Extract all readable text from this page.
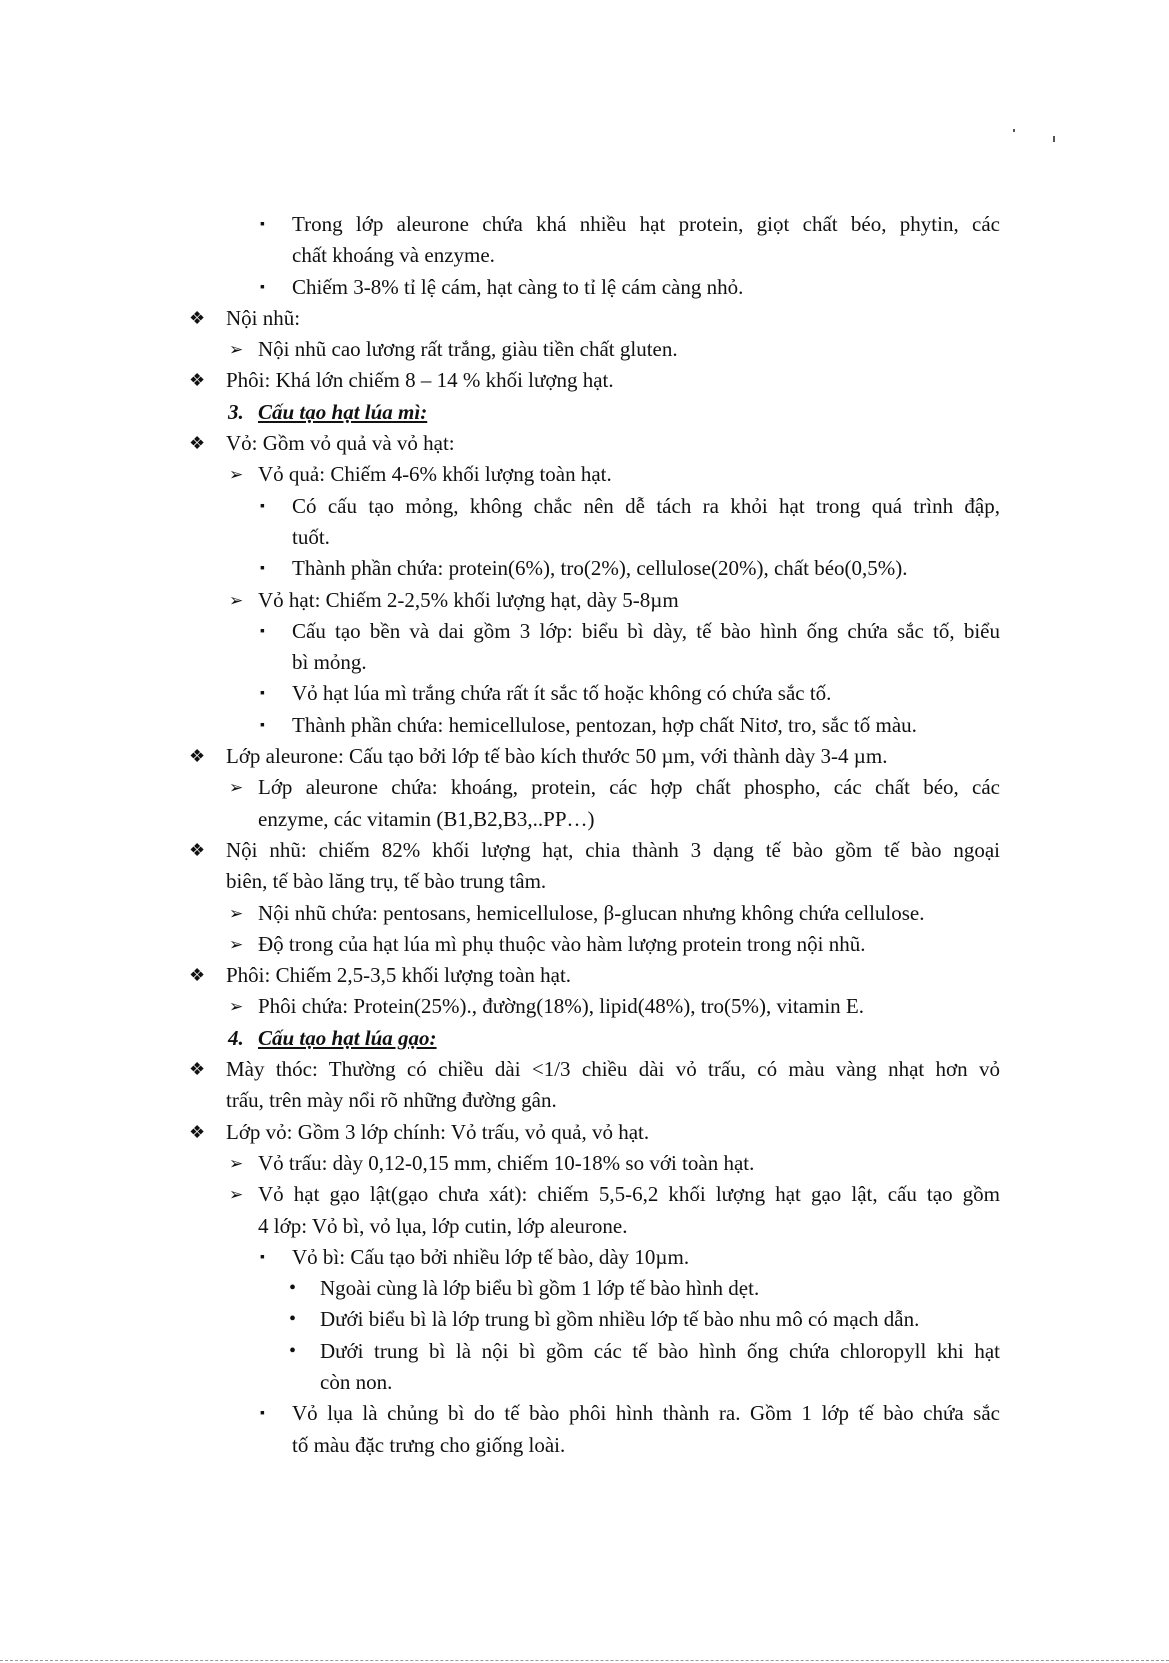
▪ Trong lớp aleurone chứa khá nhiều hạt protein, giọt chất béo, phytin, các
chất khoáng và enzyme.
▪ Chiếm 3-8% tỉ lệ cám, hạt càng to tỉ lệ cám càng nhỏ.
❖ Nội nhũ:
➢ Nội nhũ cao lương rất trắng, giàu tiền chất gluten.
❖ Phôi: Khá lớn chiếm 8 – 14 % khối lượng hạt.
3. Cấu tạo hạt lúa mì:
❖ Vỏ: Gồm vỏ quả và vỏ hạt:
➢ Vỏ quả: Chiếm 4-6% khối lượng toàn hạt.
▪ Có cấu tạo mỏng, không chắc nên dễ tách ra khỏi hạt trong quá trình đập,
tuốt.
▪ Thành phần chứa: protein(6%), tro(2%), cellulose(20%), chất béo(0,5%).
➢ Vỏ hạt: Chiếm 2-2,5% khối lượng hạt, dày 5-8µm
▪ Cấu tạo bền và dai gồm 3 lớp: biểu bì dày, tế bào hình ống chứa sắc tố, biểu
bì mỏng.
▪ Vỏ hạt lúa mì trắng chứa rất ít sắc tố hoặc không có chứa sắc tố.
▪ Thành phần chứa: hemicellulose, pentozan, hợp chất Nitơ, tro, sắc tố màu.
❖ Lớp aleurone: Cấu tạo bởi lớp tế bào kích thước 50 µm, với thành dày 3-4 µm.
➢ Lớp aleurone chứa: khoáng, protein, các hợp chất phospho, các chất béo, các
enzyme, các vitamin (B1,B2,B3,..PP…)
❖ Nội nhũ: chiếm 82% khối lượng hạt, chia thành 3 dạng tế bào gồm tế bào ngoại
biên, tế bào lăng trụ, tế bào trung tâm.
➢ Nội nhũ chứa: pentosans, hemicellulose, β-glucan nhưng không chứa cellulose.
➢ Độ trong của hạt lúa mì phụ thuộc vào hàm lượng protein trong nội nhũ.
❖ Phôi: Chiếm 2,5-3,5 khối lượng toàn hạt.
➢ Phôi chứa: Protein(25%)., đường(18%), lipid(48%), tro(5%), vitamin E.
4. Cấu tạo hạt lúa gạo:
❖ Mày thóc: Thường có chiều dài <1/3 chiều dài vỏ trấu, có màu vàng nhạt hơn vỏ
trấu, trên mày nổi rõ những đường gân.
❖ Lớp vỏ: Gồm 3 lớp chính: Vỏ trấu, vỏ quả, vỏ hạt.
➢ Vỏ trấu: dày 0,12-0,15 mm, chiếm 10-18% so với toàn hạt.
➢ Vỏ hạt gạo lật(gạo chưa xát): chiếm 5,5-6,2 khối lượng hạt gạo lật, cấu tạo gồm
4 lớp: Vỏ bì, vỏ lụa, lớp cutin, lớp aleurone.
▪ Vỏ bì: Cấu tạo bởi nhiều lớp tế bào, dày 10µm.
• Ngoài cùng là lớp biểu bì gồm 1 lớp tế bào hình dẹt.
• Dưới biểu bì là lớp trung bì gồm nhiều lớp tế bào nhu mô có mạch dẫn.
• Dưới trung bì là nội bì gồm các tế bào hình ống chứa chloropyll khi hạt
còn non.
▪ Vỏ lụa là chủng bì do tế bào phôi hình thành ra. Gồm 1 lớp tế bào chứa sắc
tố màu đặc trưng cho giống loài.
